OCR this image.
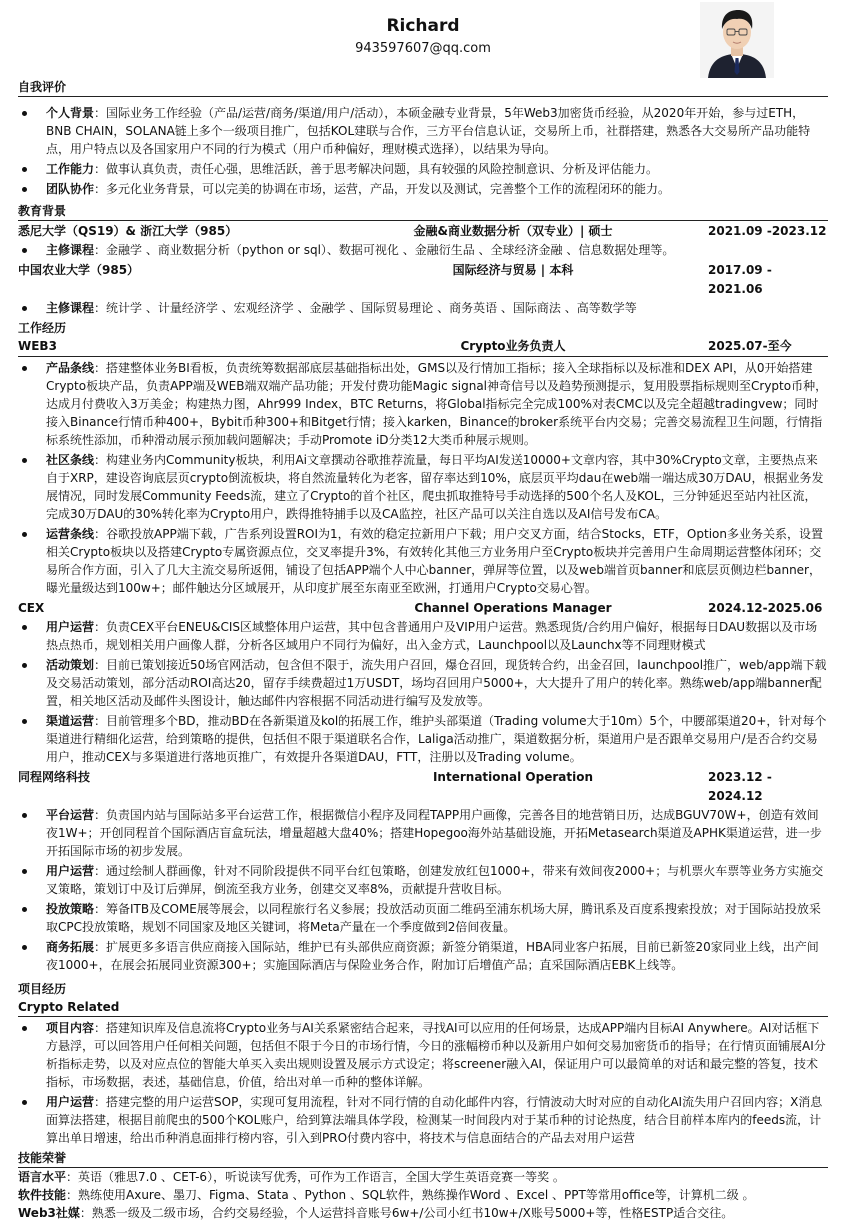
Richard
943597607@qq.com
自我评价
个人背景：国际业务工作经验（产品/运营/商务/渠道/用户/活动），本硕金融专业背景，5年Web3加密货币经验，从2020年开始，参与过ETH，BNB CHAIN，SOLANA链上多个一级项目推广，包括KOL建联与合作，三方平台信息认证，交易所上币，社群搭建，熟悉各大交易所产品功能特点，用户特点以及各国家用户不同的行为模式（用户币种偏好，理财模式选择），以结果为导向。
工作能力：做事认真负责，责任心强，思维活跃，善于思考解决问题，具有较强的风险控制意识、分析及评估能力。
团队协作：多元化业务背景，可以完美的协调在市场，运营，产品，开发以及测试，完善整个工作的流程闭环的能力。
教育背景
悉尼大学（QS19）& 浙江大学（985）	金融&商业数据分析（双专业）| 硕士	2021.09 -2023.12
主修课程：金融学 、商业数据分析（python or sql）、数据可视化 、金融衍生品 、全球经济金融 、信息数据处理等。
中国农业大学（985）	国际经济与贸易 | 本科	2017.09 - 2021.06
主修课程：统计学 、计量经济学 、宏观经济学 、金融学 、国际贸易理论 、商务英语 、国际商法 、高等数学等
工作经历
WEB3	Crypto业务负责人	2025.07-至今
产品条线：搭建整体业务BI看板，负责统筹数据部底层基础指标出处，GMS以及行情加工指标；接入全球指标以及标准和DEX API，从0开始搭建Crypto板块产品，负责APP端及WEB端双端产品功能；开发付费功能Magic signal神奇信号以及趋势预测提示，复用股票指标规则至Crypto币种，达成月付费收入3万美金；构建热力图，Ahr999 Index，BTC Returns，将Global指标完全完成100%对表CMC以及完全超越tradingvew；同时接入Binance行情币种400+，Bybit币种300+和Bitget行情；接入karken，Binance的broker系统平台内交易；完善交易流程卫生问题，行情指标系统性添加，币种滑动展示预加载问题解决；手动Promote iD分类12大类币种展示规则。
社区条线：构建业务内Community板块，利用Ai文章撰动谷歌推荐流量，每日平均AI发送10000+文章内容，其中30%Crypto文章，主要热点来自于XRP，建设咨询底层页crypto倒流板块，将自然流量转化为老客，留存率达到10%，底层页平均dau在web端一端达成30万DAU，根据业务发展情况，同时发展Community Feeds流，建立了Crypto的首个社区，爬虫抓取推特号手动选择的500个名人及KOL，三分钟延迟至站内社区流，完成30万DAU的30%转化率为Crypto用户，跌得推特捕手以及CA监控，社区产品可以关注自选以及AI信号发布CA。
运营条线：谷歌投放APP端下载，广告系列设置ROI为1，有效的稳定拉新用户下载；用户交叉方面，结合Stocks，ETF，Option多业务关系，设置相关Crypto板块以及搭建Crypto专属资源点位，交叉率提升3%，有效转化其他三方业务用户至Crypto板块并完善用户生命周期运营整体闭环；交易所合作方面，引入了几大主流交易所返佣，铺设了包括APP端个人中心banner，弹屏等位置，以及web端首页banner和底层页侧边栏banner，曝光量级达到100w+；邮件触达分区域展开，从印度扩展至东南亚至欧洲，打通用户Crypto交易心智。
CEX	Channel Operations Manager	2024.12-2025.06
用户运营：负责CEX平台ENEU&CIS区域整体用户运营，其中包含普通用户及VIP用户运营。熟悉现货/合约用户偏好，根据每日DAU数据以及市场热点热币，规划相关用户画像人群，分析各区域用户不同行为偏好，出入金方式，Launchpool以及Launchx等不同理财模式
活动策划：目前已策划接近50场官网活动，包含但不限于，流失用户召回，爆仓召回，现货转合约，出金召回，launchpool推广，web/app端下载及交易活动策划，部分活动ROI高达20，留存手续费超过1万USDT，场均召回用户5000+，大大提升了用户的转化率。熟练web/app端banner配置，相关地区活动及邮件头图设计，触达邮件内容根据不同活动进行编写及发放等。
渠道运营：目前管理多个BD，推动BD在各新渠道及kol的拓展工作，维护头部渠道（Trading volume大于10m）5个，中腰部渠道20+，针对每个渠道进行精细化运营，给到策略的提供，包括但不限于渠道联名合作，Laliga活动推广，渠道数据分析，渠道用户是否跟单交易用户/是否合约交易用户，推动CEX与多渠道进行落地页推广，有效提升各渠道DAU，FTT，注册以及Trading volume。
同程网络科技	International Operation	2023.12 - 2024.12
平台运营：负责国内站与国际站多平台运营工作，根据微信小程序及同程TAPP用户画像，完善各目的地营销日历，达成BGUV70W+，创造有效间夜1W+；开创同程首个国际酒店盲盒玩法，增量超越大盘40%；搭建Hopegoo海外站基础设施，开拓Metasearch渠道及APHK渠道运营，进一步开拓国际市场的初步发展。
用户运营：通过绘制人群画像，针对不同阶段提供不同平台红包策略，创建发放红包1000+，带来有效间夜2000+；与机票火车票等业务方实施交叉策略，策划订中及订后弹屏，倒流至我方业务，创建交叉率8%，贡献提升营收目标。
投放策略：筹备ITB及COME展等展会，以同程旅行名义参展；投放活动页面二维码至浦东机场大屏，腾讯系及百度系搜索投放；对于国际站投放采取CPC投放策略，规划不同国家及地区关键词，将Meta产量在一个季度做到2倍间夜量。
商务拓展：扩展更多多语言供应商接入国际站，维护已有头部供应商资源；新签分销渠道，HBA同业客户拓展，目前已新签20家同业上线，出产间夜1000+，在展会拓展同业资源300+；实施国际酒店与保险业务合作，附加订后增值产品；直采国际酒店EBK上线等。
项目经历
Crypto Related
项目内容：搭建知识库及信息流将Crypto业务与AI关系紧密结合起来，寻找AI可以应用的任何场景，达成APP端内目标AI Anywhere。AI对话框下方悬浮，可以回答用户任何相关问题，包括但不限于今日的市场行情，今日的涨幅榜币种以及新用户如何交易加密货币的指导；在行情页面铺展AI分析指标走势，以及对应点位的智能大单买入卖出规则设置及展示方式设定；将screener融入AI，保证用户可以最简单的对话和最完整的答复，技术指标，市场数据，表述，基础信息，价值，给出对单一币种的整体详解。
用户运营：搭建完整的用户运营SOP，实现可复用流程，针对不同行情的自动化邮件内容，行情波动大时对应的自动化AI流失用户召回内容；X消息面算法搭建，根据目前爬虫的500个KOL账户，给到算法端具体学段，检测某一时间段内对于某币种的讨论热度，结合目前样本库内的feeds流，计算出单日增速，给出币种消息面排行榜内容，引入到PRO付费内容中，将技术与信息面结合的产品去对用户运营
技能荣誉

语言水平：英语（雅思7.0 、CET-6），听说读写优秀，可作为工作语言，全国大学生英语竞赛一等奖 。

软件技能：熟练使用Axure、墨刀、Figma、Stata 、Python 、SQL软件，熟练操作Word 、Excel 、PPT等常用office等，计算机二级 。

Web3社媒：熟悉一级及二级市场，合约交易经验，个人运营抖音账号6w+/公司小红书10w+/X账号5000+等，性格ESTP适合交往。
